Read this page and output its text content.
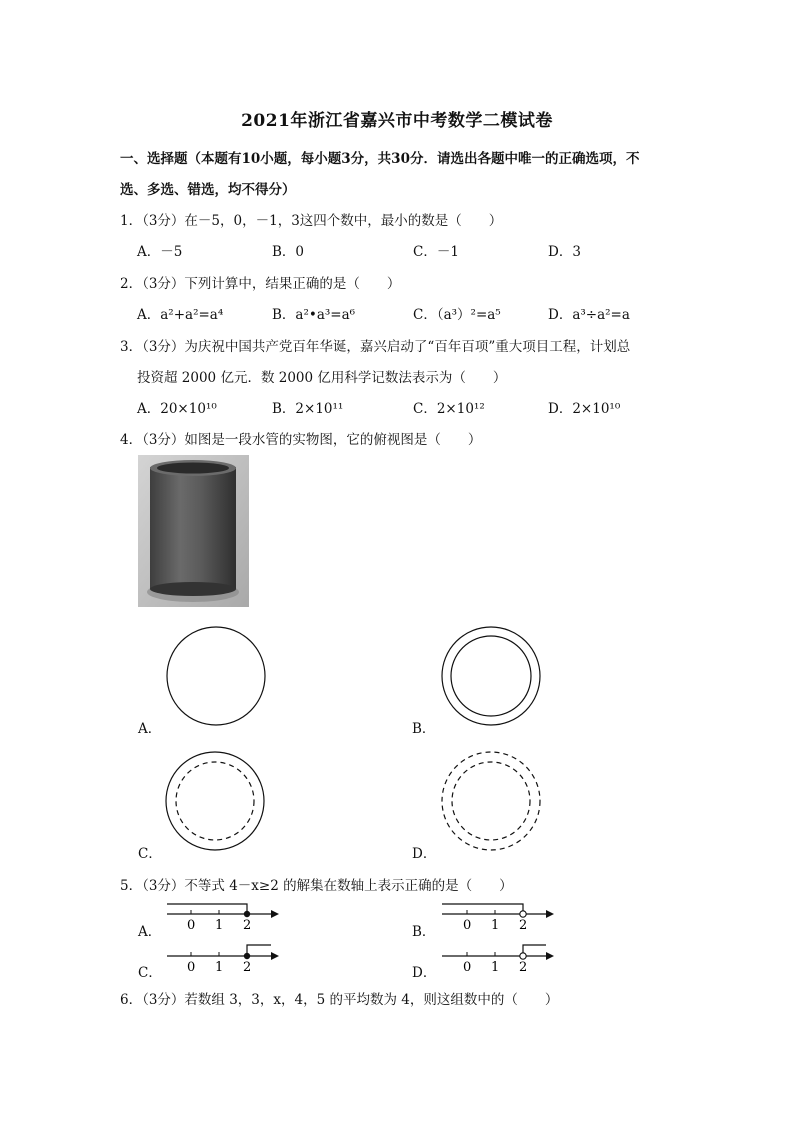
2021年浙江省嘉兴市中考数学二模试卷
一、选择题（本题有10小题，每小题3分，共30分．请选出各题中唯一的正确选项，不
选、多选、错选，均不得分）
1．（3分）在－5，0，－1，3这四个数中，最小的数是（　　）
A．－5	B．0	C．－1	D．3
2．（3分）下列计算中，结果正确的是（　　）
A．a²+a²=a⁴	B．a²•a³=a⁶	C．（a³）²=a⁵	D．a³÷a²=a
3．（3分）为庆祝中国共产党百年华诞，嘉兴启动了“百年百项”重大项目工程，计划总
投资超 2000 亿元．数 2000 亿用科学记数法表示为（　　）
A．20×10¹⁰	B．2×10¹¹	C．2×10¹²	D．2×10¹⁰
4．（3分）如图是一段水管的实物图，它的俯视图是（　　）
A．	B．
C．	D．
5．（3分）不等式 4－x≥2 的解集在数轴上表示正确的是（　　）
A． 0 1 2	B． 0 1 2
C． 0 1 2	D． 0 1 2
6．（3分）若数组 3，3，x，4，5 的平均数为 4，则这组数中的（　　）
